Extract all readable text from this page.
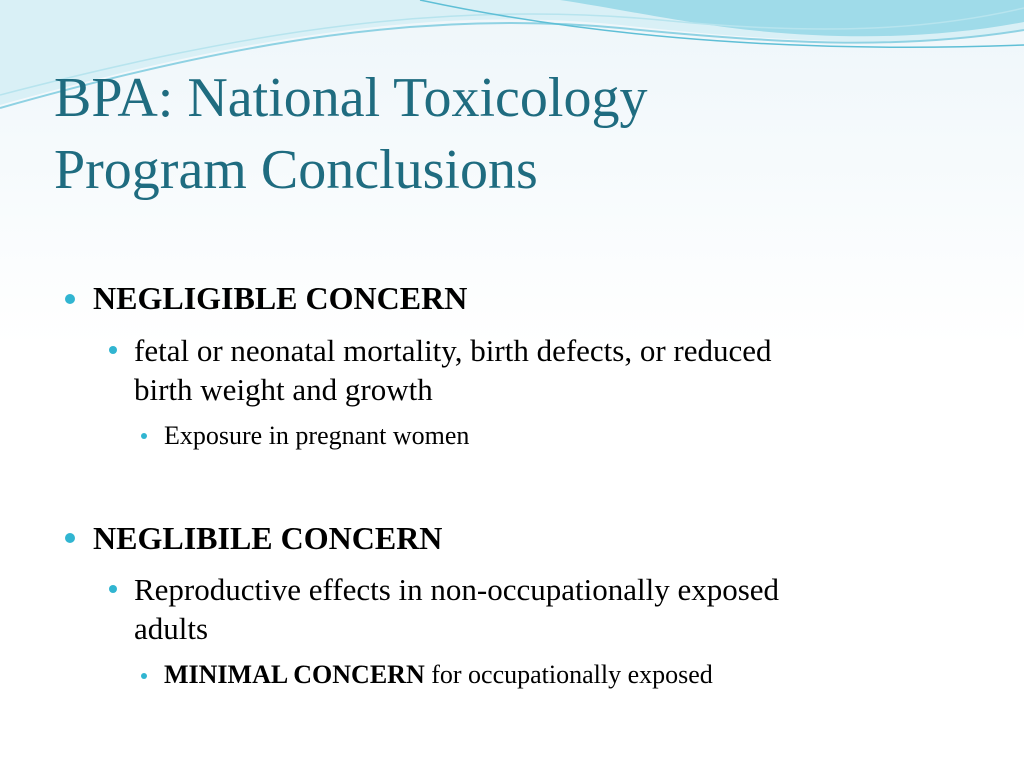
BPA: National Toxicology
Program Conclusions
NEGLIGIBLE CONCERN
fetal or neonatal mortality, birth defects, or reduced
birth weight and growth
Exposure in pregnant women
NEGLIBILE CONCERN
Reproductive effects in non-occupationally exposed
adults
MINIMAL CONCERN for occupationally exposed
